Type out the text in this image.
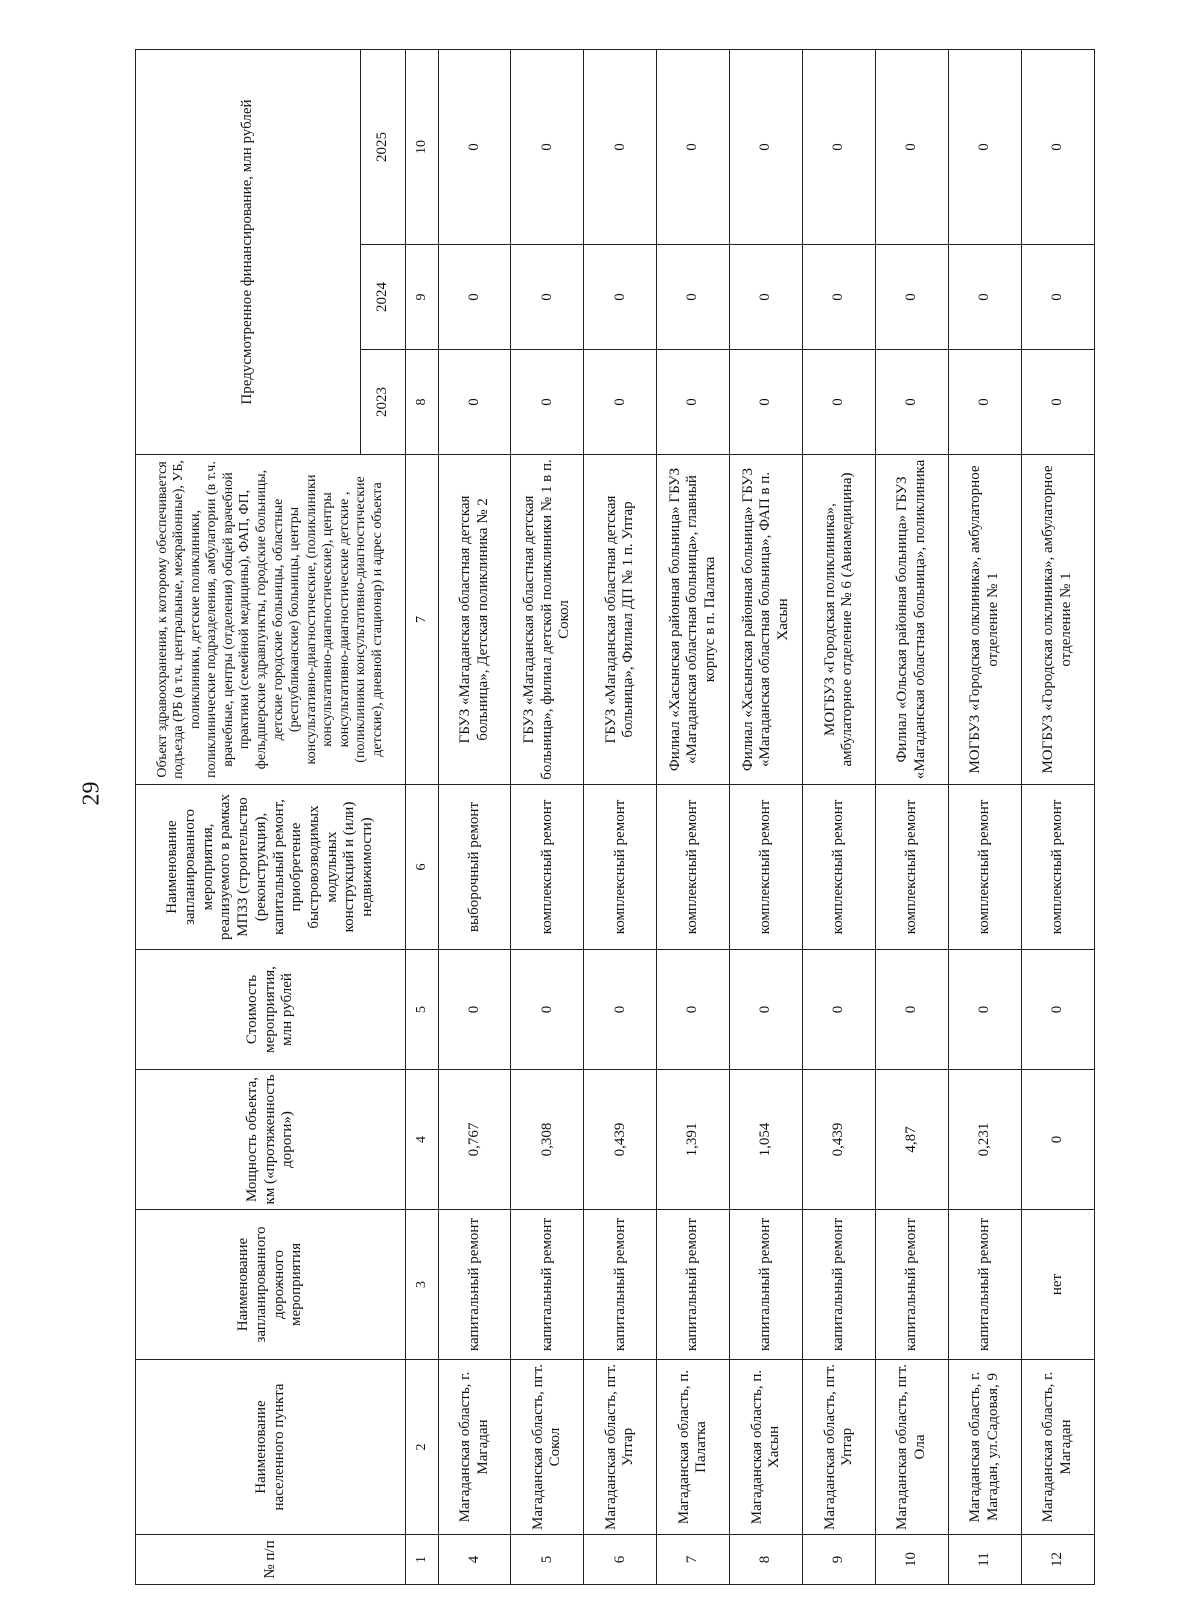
29
№ п/п	Наименование населенного пункта	Наименование запланированного дорожного мероприятия	Мощность объекта, км («протяженность дороги»)	Стоимость мероприятия, млн рублей	Наименование запланированного мероприятия, реализуемого в рамках МПЗЗ (строительство (реконструкция), капитальный ремонт, приобретение быстровозводимых модульных конструкций и (или) недвижимости)	Объект здравоохранения, к которому обеспечивается подъезда (РБ (в т.ч. центральные, межрайонные), УБ, поликлиники, детские поликлиники, поликлинические подразделения, амбулатории (в т.ч. врачебные, центры (отделения) общей врачебной практики (семейной медицины), ФАП, ФП, фельдшерские здравпункты, городские больницы, детские городские больницы, областные (республиканские) больницы, центры консультативно-диагностические, (поликлиники консультативно-диагностические), центры консультативно-диагностические детские , (поликлиники консультативно-диагностические детские), дневной стационар) и адрес объекта	Предусмотренное финансирование, млн рублей		
							2023	2024	2025
1	2	3	4	5	6	7	8	9	10
4	Магаданская область, г. Магадан	капитальный ремонт	0,767	0	выборочный ремонт	ГБУЗ «Магаданская областная детская больница», Детская поликлиника № 2	0	0	0
5	Магаданская область, пгт. Сокол	капитальный ремонт	0,308	0	комплексный ремонт	ГБУЗ «Магаданская областная детская больница», филиал детской поликлиники № 1 в п. Сокол	0	0	0
6	Магаданская область, пгт. Уптар	капитальный ремонт	0,439	0	комплексный ремонт	ГБУЗ «Магаданская областная детская больница», Филиал ДП № 1 п. Уптар	0	0	0
7	Магаданская область, п. Палатка	капитальный ремонт	1,391	0	комплексный ремонт	Филиал «Хасынская районная больница» ГБУЗ «Магаданская областная больница», главный корпус в п. Палатка	0	0	0
8	Магаданская область, п. Хасын	капитальный ремонт	1,054	0	комплексный ремонт	Филиал «Хасынская районная больница» ГБУЗ «Магаданская областная больница», ФАП в п. Хасын	0	0	0
9	Магаданская область, пгт. Уптар	капитальный ремонт	0,439	0	комплексный ремонт	МОГБУЗ «Городская поликлиника», амбулаторное отделение № 6 (Авиамедицина)	0	0	0
10	Магаданская область, пгт. Ола	капитальный ремонт	4,87	0	комплексный ремонт	Филиал «Ольская районная больница» ГБУЗ «Магаданская областная больница», поликлиника	0	0	0
11	Магаданская область, г. Магадан, ул.Садовая, 9	капитальный ремонт	0,231	0	комплексный ремонт	МОГБУЗ «Городская олклиника», амбулаторное отделение № 1	0	0	0
12	Магаданская область, г. Магадан	нет	0	0	комплексный ремонт	МОГБУЗ «Городская олклиника», амбулаторное отделение № 1	0	0	0
